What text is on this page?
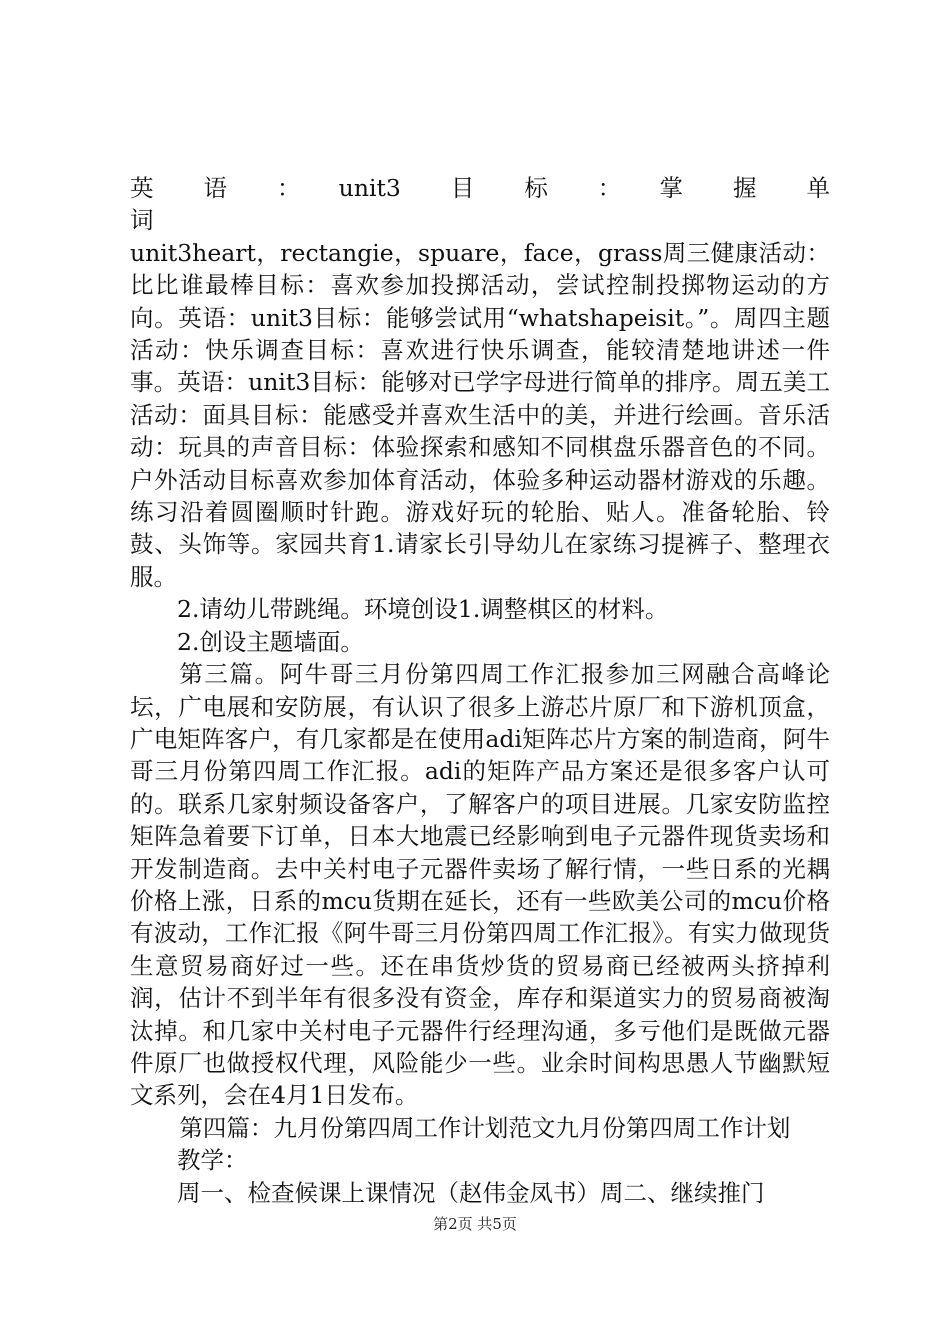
英　　语　　：　　unit3　　目　　标　　：　　掌　　握　　单　　词
unit3heart，rectangie，spuare，face，grass周三健康活动：比比谁最棒目标：喜欢参加投掷活动，尝试控制投掷物运动的方向。英语：unit3目标：能够尝试用“whatshapeisit。”。周四主题活动：快乐调查目标：喜欢进行快乐调查，能较清楚地讲述一件事。英语：unit3目标：能够对已学字母进行简单的排序。周五美工活动：面具目标：能感受并喜欢生活中的美，并进行绘画。音乐活动：玩具的声音目标：体验探索和感知不同棋盘乐器音色的不同。户外活动目标喜欢参加体育活动，体验多种运动器材游戏的乐趣。练习沿着圆圈顺时针跑。游戏好玩的轮胎、贴人。准备轮胎、铃鼓、头饰等。家园共育1.请家长引导幼儿在家练习提裤子、整理衣服。

2.请幼儿带跳绳。环境创设1.调整棋区的材料。

2.创设主题墙面。

第三篇。阿牛哥三月份第四周工作汇报参加三网融合高峰论坛，广电展和安防展，有认识了很多上游芯片原厂和下游机顶盒，广电矩阵客户，有几家都是在使用adi矩阵芯片方案的制造商，阿牛哥三月份第四周工作汇报。adi的矩阵产品方案还是很多客户认可的。联系几家射频设备客户，了解客户的项目进展。几家安防监控矩阵急着要下订单，日本大地震已经影响到电子元器件现货卖场和开发制造商。去中关村电子元器件卖场了解行情，一些日系的光耦价格上涨，日系的mcu货期在延长，还有一些欧美公司的mcu价格有波动，工作汇报《阿牛哥三月份第四周工作汇报》。有实力做现货生意贸易商好过一些。还在串货炒货的贸易商已经被两头挤掉利润，估计不到半年有很多没有资金，库存和渠道实力的贸易商被淘汰掉。和几家中关村电子元器件行经理沟通，多亏他们是既做元器件原厂也做授权代理，风险能少一些。业余时间构思愚人节幽默短文系列，会在4月1日发布。

第四篇：九月份第四周工作计划范文九月份第四周工作计划

教学：

周一、检查候课上课情况（赵伟金凤书）周二、继续推门

第2页 共5页
